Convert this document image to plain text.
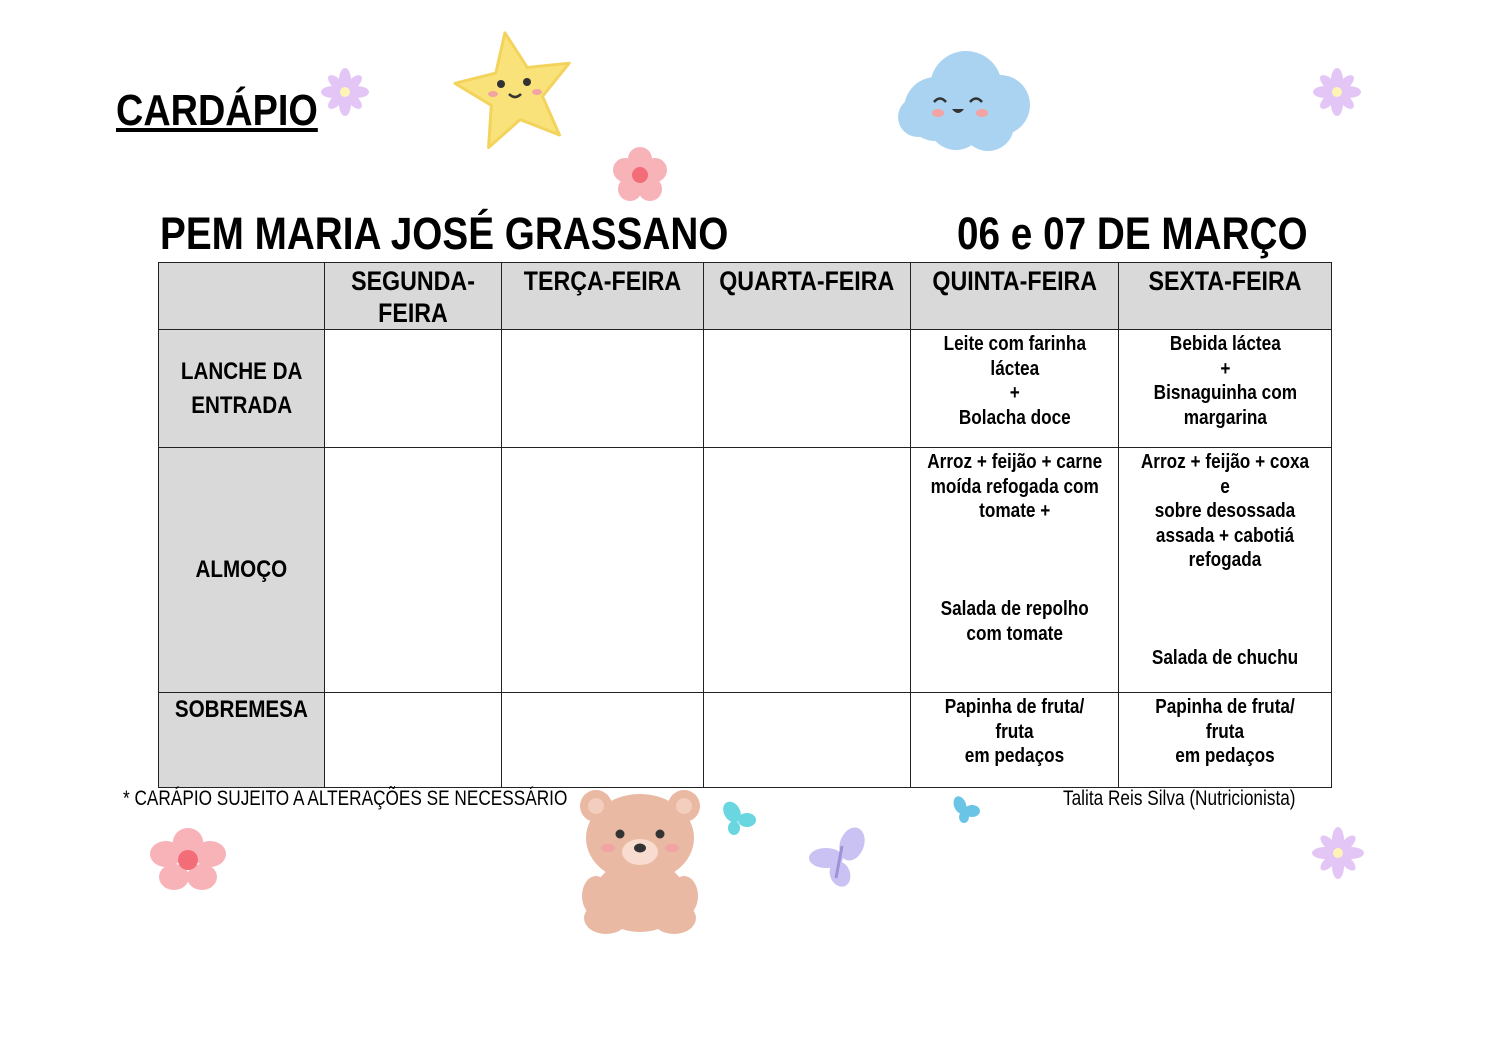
CARDÁPIO
PEM MARIA JOSÉ GRASSANO	06 e 07 DE MARÇO
	SEGUNDA-
FEIRA	TERÇA-FEIRA	QUARTA-FEIRA	QUINTA-FEIRA	SEXTA-FEIRA
LANCHE DA
ENTRADA				Leite com farinha
láctea
+
Bolacha doce	Bebida láctea
+
Bisnaguinha com
margarina
ALMOÇO				Arroz + feijão + carne
moída refogada com
tomate +

Salada de repolho
com tomate	Arroz + feijão + coxa e
sobre desossada
assada + cabotiá
refogada

Salada de chuchu
SOBREMESA				Papinha de fruta/ fruta
em pedaços	Papinha de fruta/ fruta
em pedaços
* CARÁPIO SUJEITO A ALTERAÇÕES SE NECESSÁRIO	Talita Reis Silva (Nutricionista)
